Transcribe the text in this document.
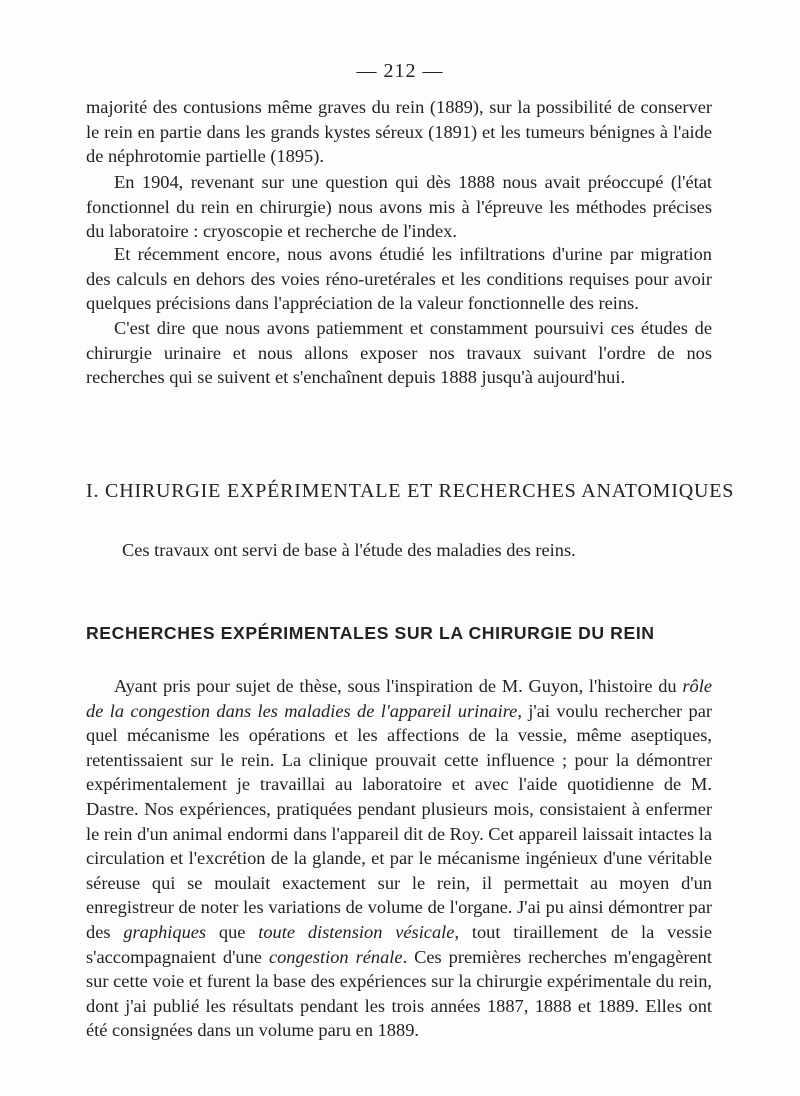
— 212 —

majorité des contusions même graves du rein (1889), sur la possibilité de conserver le rein en partie dans les grands kystes séreux (1891) et les tumeurs bénignes à l'aide de néphrotomie partielle (1895).

En 1904, revenant sur une question qui dès 1888 nous avait préoccupé (l'état fonctionnel du rein en chirurgie) nous avons mis à l'épreuve les méthodes précises du laboratoire : cryoscopie et recherche de l'index.

Et récemment encore, nous avons étudié les infiltrations d'urine par migration des calculs en dehors des voies réno-uretérales et les conditions requises pour avoir quelques précisions dans l'appréciation de la valeur fonctionnelle des reins.

C'est dire que nous avons patiemment et constamment poursuivi ces études de chirurgie urinaire et nous allons exposer nos travaux suivant l'ordre de nos recherches qui se suivent et s'enchaînent depuis 1888 jusqu'à aujourd'hui.

I. CHIRURGIE EXPÉRIMENTALE ET RECHERCHES ANATOMIQUES
Ces travaux ont servi de base à l'étude des maladies des reins.
RECHERCHES EXPÉRIMENTALES SUR LA CHIRURGIE DU REIN

Ayant pris pour sujet de thèse, sous l'inspiration de M. Guyon, l'histoire du rôle de la congestion dans les maladies de l'appareil urinaire, j'ai voulu rechercher par quel mécanisme les opérations et les affections de la vessie, même aseptiques, retentissaient sur le rein. La clinique prouvait cette influence ; pour la démontrer expérimentalement je travaillai au laboratoire et avec l'aide quotidienne de M. Dastre. Nos expériences, pratiquées pendant plusieurs mois, consistaient à enfermer le rein d'un animal endormi dans l'appareil dit de Roy. Cet appareil laissait intactes la circulation et l'excrétion de la glande, et par le mécanisme ingénieux d'une véritable séreuse qui se moulait exactement sur le rein, il permettait au moyen d'un enregistreur de noter les variations de volume de l'organe. J'ai pu ainsi démontrer par des graphiques que toute distension vésicale, tout tiraillement de la vessie s'accompagnaient d'une congestion rénale. Ces premières recherches m'engagèrent sur cette voie et furent la base des expériences sur la chirurgie expérimentale du rein, dont j'ai publié les résultats pendant les trois années 1887, 1888 et 1889. Elles ont été consignées dans un volume paru en 1889.
